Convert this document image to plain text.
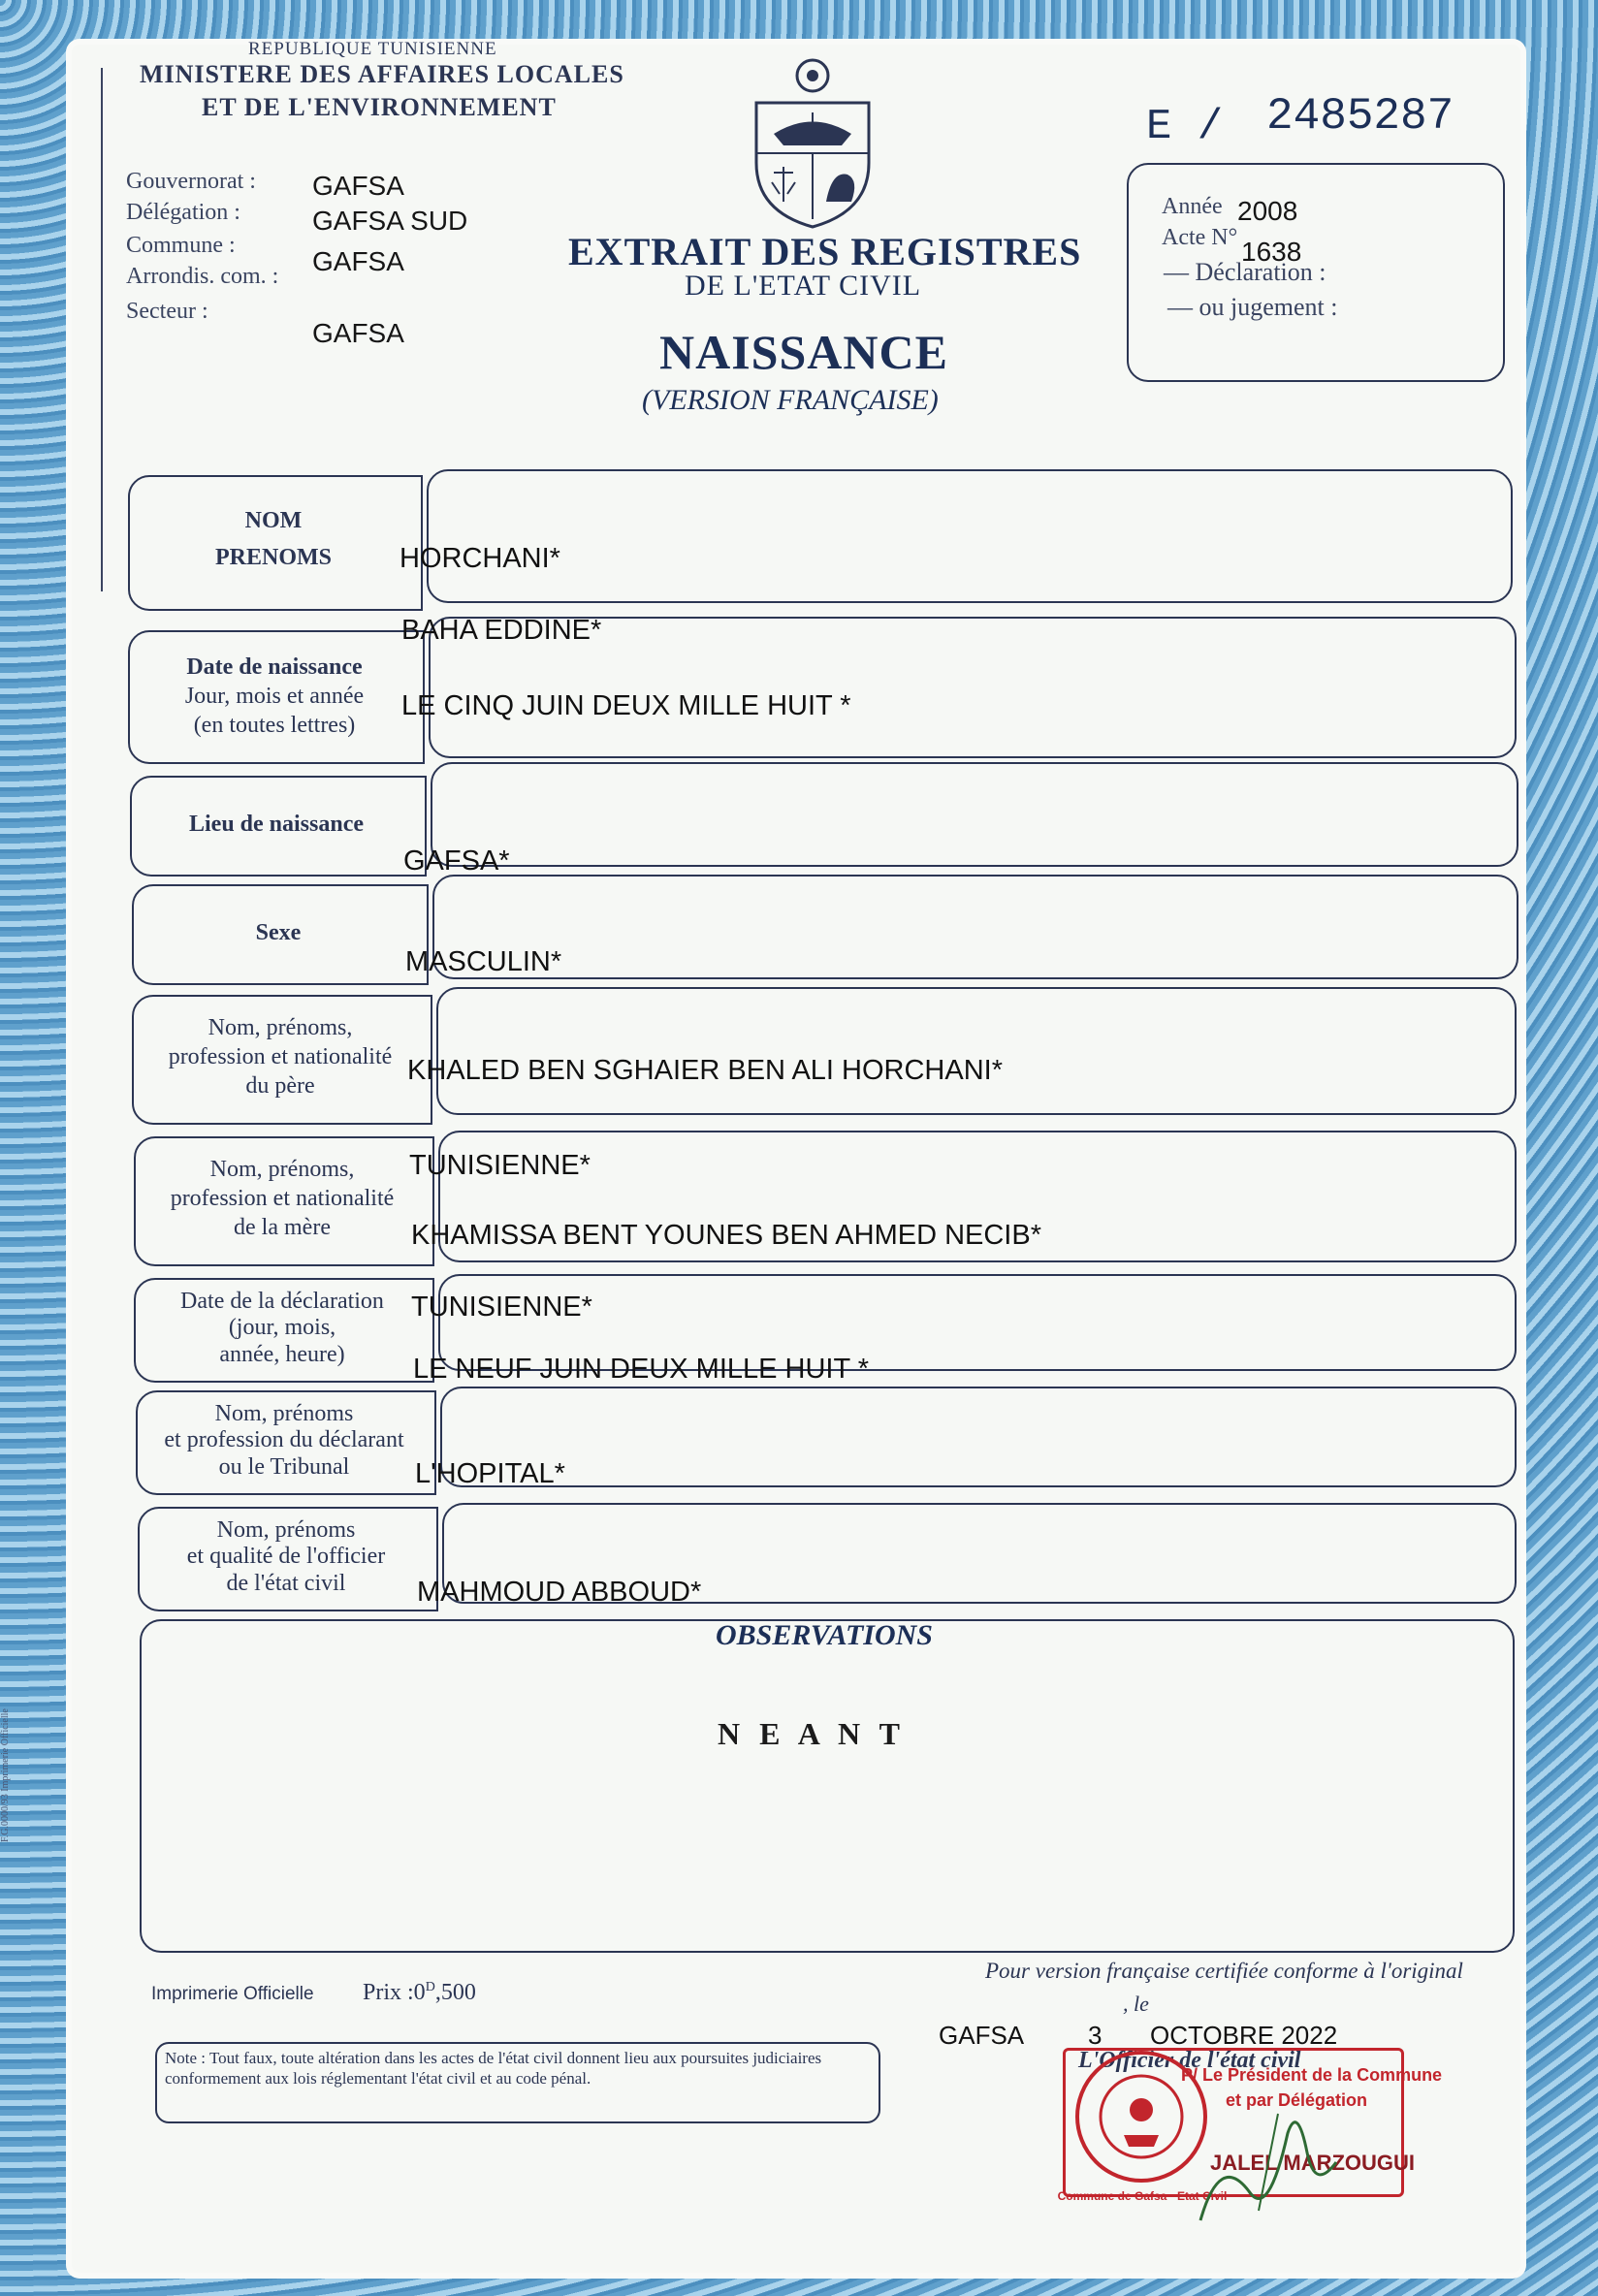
REPUBLIQUE TUNISIENNE
MINISTERE DES AFFAIRES LOCALES
ET DE L'ENVIRONNEMENT
Gouvernorat : GAFSA
Délégation :	GAFSA SUD
Commune :
Arrondis. com. : GAFSA
Secteur :
GAFSA
E / 2485287
Année 2008
Acte N° 1638
— Déclaration :
— ou jugement :
EXTRAIT DES REGISTRES
DE L'ETAT CIVIL
NAISSANCE
(VERSION FRANÇAISE)
NOM
PRENOMS
Date de naissance
Jour, mois et année
(en toutes lettres)
Lieu de naissance
Sexe
Nom, prénoms,
profession et nationalité
du père
Nom, prénoms,
profession et nationalité
de la mère
Date de la déclaration
(jour, mois,
année, heure)
Nom, prénoms
et profession du déclarant
ou le Tribunal
Nom, prénoms
et qualité de l'officier
de l'état civil
OBSERVATIONS
N E A N T
F.G.0000/93 Imprimerie Officielle
HORCHANI*
BAHA EDDINE*
LE CINQ JUIN DEUX MILLE HUIT *
GAFSA*
MASCULIN*
KHALED BEN SGHAIER BEN ALI HORCHANI*
TUNISIENNE*
KHAMISSA BENT YOUNES BEN AHMED NECIB*
TUNISIENNE*
LE NEUF JUIN DEUX MILLE HUIT *
L'HOPITAL*
MAHMOUD ABBOUD*
Imprimerie Officielle Prix $:0^D,500$
Pour version française certifiée conforme à l'original
, le
GAFSA	3 OCTOBRE 2022
L'Officier de l'état civil
Note : Tout faux, toute altération dans les actes de l'état civil donnent lieu aux poursuites judiciaires conformement aux lois réglementant l'état civil et au code pénal.
Commune de Gafsa · Etat Civil
P/ Le Président de la Commune
et par Délégation
JALEL MARZOUGUI
